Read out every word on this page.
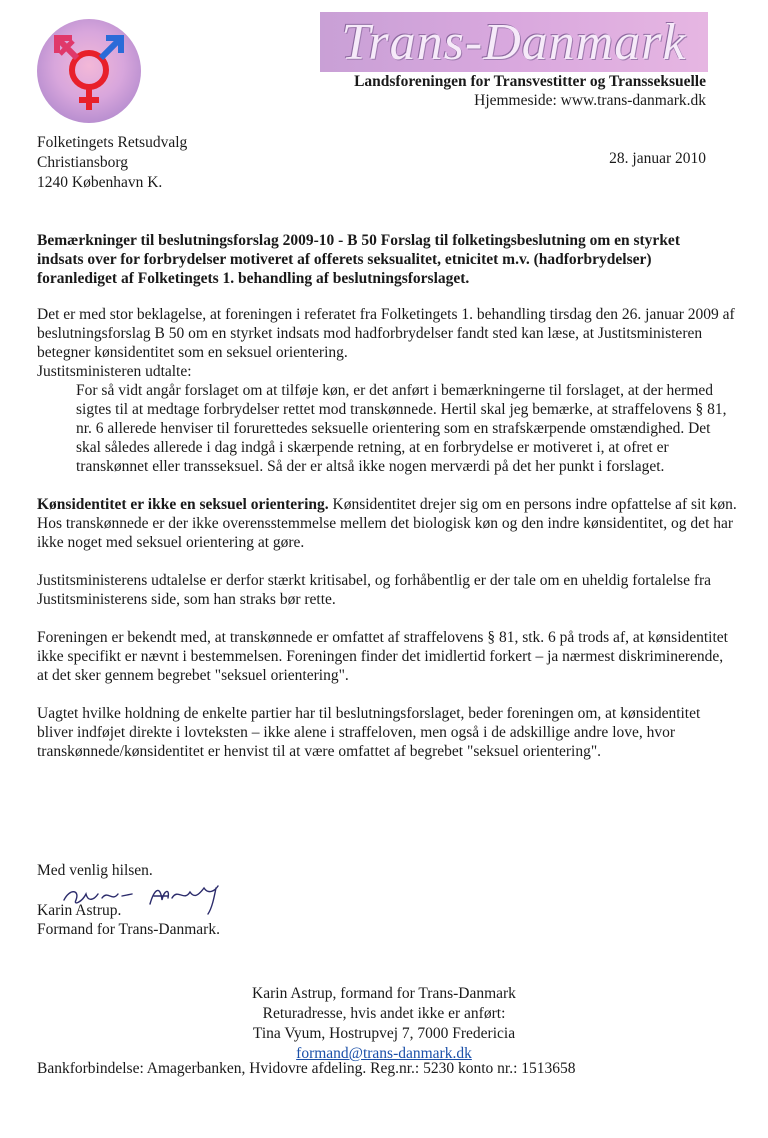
Trans-Danmark
Landsforeningen for Transvestitter og Transseksuelle
Hjemmeside: www.trans-danmark.dk
Folketingets Retsudvalg
Christiansborg
1240 København K.
28. januar 2010
Bemærkninger til beslutningsforslag 2009-10 - B 50 Forslag til folketingsbeslutning om en styrket indsats over for forbrydelser motiveret af offerets seksualitet, etnicitet m.v. (hadforbrydelser) foranlediget af Folketingets 1. behandling af beslutningsforslaget.

Det er med stor beklagelse, at foreningen i referatet fra Folketingets 1. behandling tirsdag den 26. januar 2009 af beslutningsforslag B 50 om en styrket indsats mod hadforbrydelser fandt sted kan læse, at Justitsministeren betegner kønsidentitet som en seksuel orientering.

Justitsministeren udtalte:

For så vidt angår forslaget om at tilføje køn, er det anført i bemærkningerne til forslaget, at der hermed sigtes til at medtage forbrydelser rettet mod transkønnede. Hertil skal jeg bemærke, at straffelovens § 81, nr. 6 allerede henviser til forurettedes seksuelle orientering som en strafskærpende omstændighed. Det skal således allerede i dag indgå i skærpende retning, at en forbrydelse er motiveret i, at ofret er transkønnet eller transseksuel. Så der er altså ikke nogen merværdi på det her punkt i forslaget.

Kønsidentitet er ikke en seksuel orientering. Kønsidentitet drejer sig om en persons indre opfattelse af sit køn. Hos transkønnede er der ikke overensstemmelse mellem det biologisk køn og den indre kønsidentitet, og det har ikke noget med seksuel orientering at gøre.

Justitsministerens udtalelse er derfor stærkt kritisabel, og forhåbentlig er der tale om en uheldig fortalelse fra Justitsministerens side, som han straks bør rette.

Foreningen er bekendt med, at transkønnede er omfattet af straffelovens § 81, stk. 6 på trods af, at kønsidentitet ikke specifikt er nævnt i bestemmelsen. Foreningen finder det imidlertid forkert – ja nærmest diskriminerende, at det sker gennem begrebet "seksuel orientering".

Uagtet hvilke holdning de enkelte partier har til beslutningsforslaget, beder foreningen om, at kønsidentitet bliver indføjet direkte i lovteksten – ikke alene i straffeloven, men også i de adskillige andre love, hvor transkønnede/kønsidentitet er henvist til at være omfattet af begrebet "seksuel orientering".

Med venlig hilsen.
Karin Astrup.
Formand for Trans-Danmark.
Karin Astrup, formand for Trans-Danmark
Returadresse, hvis andet ikke er anført:
Tina Vyum, Hostrupvej 7, 7000 Fredericia
formand@trans-danmark.dk
Bankforbindelse: Amagerbanken, Hvidovre afdeling. Reg.nr.: 5230 konto nr.: 1513658
